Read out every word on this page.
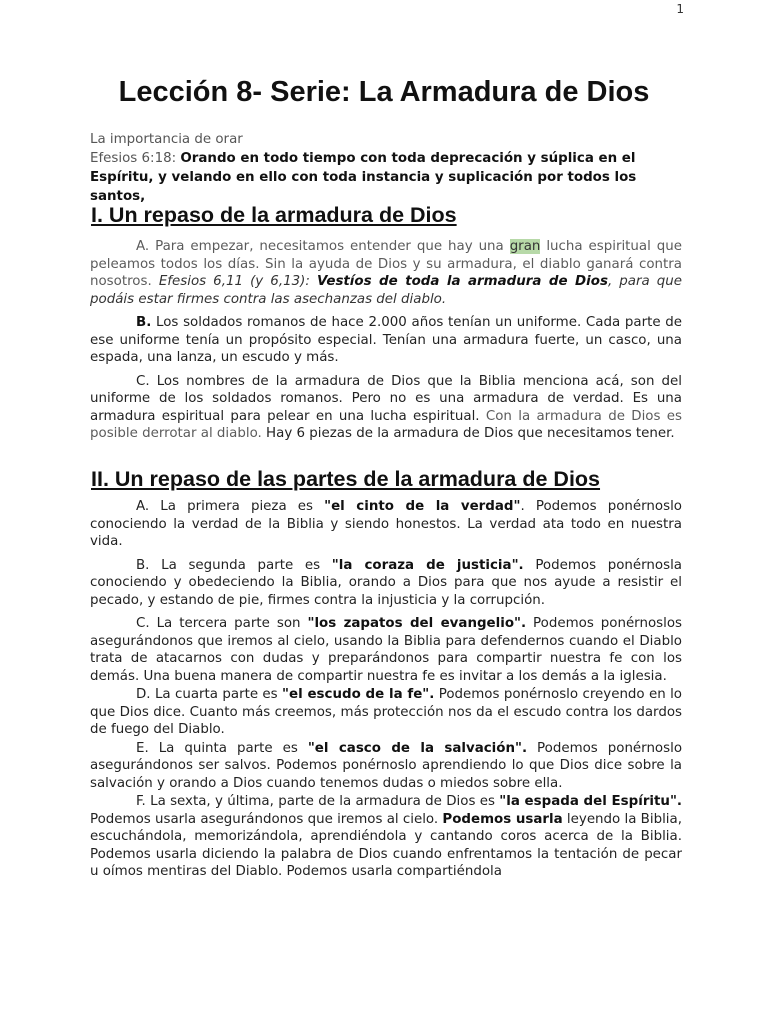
1
Lección 8- Serie: La Armadura de Dios
La importancia de orar
Efesios 6:18: Orando en todo tiempo con toda deprecación y súplica en el Espíritu, y velando en ello con toda instancia y suplicación por todos los santos,
I. Un repaso de la armadura de Dios

A. Para empezar, necesitamos entender que hay una gran lucha espiritual que peleamos todos los días. Sin la ayuda de Dios y su armadura, el diablo ganará contra nosotros. Efesios 6,11 (y 6,13): Vestíos de toda la armadura de Dios, para que podáis estar firmes contra las asechanzas del diablo.

B. Los soldados romanos de hace 2.000 años tenían un uniforme. Cada parte de ese uniforme tenía un propósito especial. Tenían una armadura fuerte, un casco, una espada, una lanza, un escudo y más.

C. Los nombres de la armadura de Dios que la Biblia menciona acá, son del uniforme de los soldados romanos. Pero no es una armadura de verdad. Es una armadura espiritual para pelear en una lucha espiritual. Con la armadura de Dios es posible derrotar al diablo. Hay 6 piezas de la armadura de Dios que necesitamos tener.

II. Un repaso de las partes de la armadura de Dios

A. La primera pieza es "el cinto de la verdad". Podemos ponérnoslo conociendo la verdad de la Biblia y siendo honestos. La verdad ata todo en nuestra vida.

B. La segunda parte es "la coraza de justicia". Podemos ponérnosla conociendo y obedeciendo la Biblia, orando a Dios para que nos ayude a resistir el pecado, y estando de pie, firmes contra la injusticia y la corrupción.

C. La tercera parte son "los zapatos del evangelio". Podemos ponérnoslos asegurándonos que iremos al cielo, usando la Biblia para defendernos cuando el Diablo trata de atacarnos con dudas y preparándonos para compartir nuestra fe con los demás. Una buena manera de compartir nuestra fe es invitar a los demás a la iglesia.

D. La cuarta parte es "el escudo de la fe". Podemos ponérnoslo creyendo en lo que Dios dice. Cuanto más creemos, más protección nos da el escudo contra los dardos de fuego del Diablo.

E. La quinta parte es "el casco de la salvación". Podemos ponérnoslo asegurándonos ser salvos. Podemos ponérnoslo aprendiendo lo que Dios dice sobre la salvación y orando a Dios cuando tenemos dudas o miedos sobre ella.

F. La sexta, y última, parte de la armadura de Dios es "la espada del Espíritu". Podemos usarla asegurándonos que iremos al cielo. Podemos usarla leyendo la Biblia, escuchándola, memorizándola, aprendiéndola y cantando coros acerca de la Biblia. Podemos usarla diciendo la palabra de Dios cuando enfrentamos la tentación de pecar u oímos mentiras del Diablo. Podemos usarla compartiéndola
